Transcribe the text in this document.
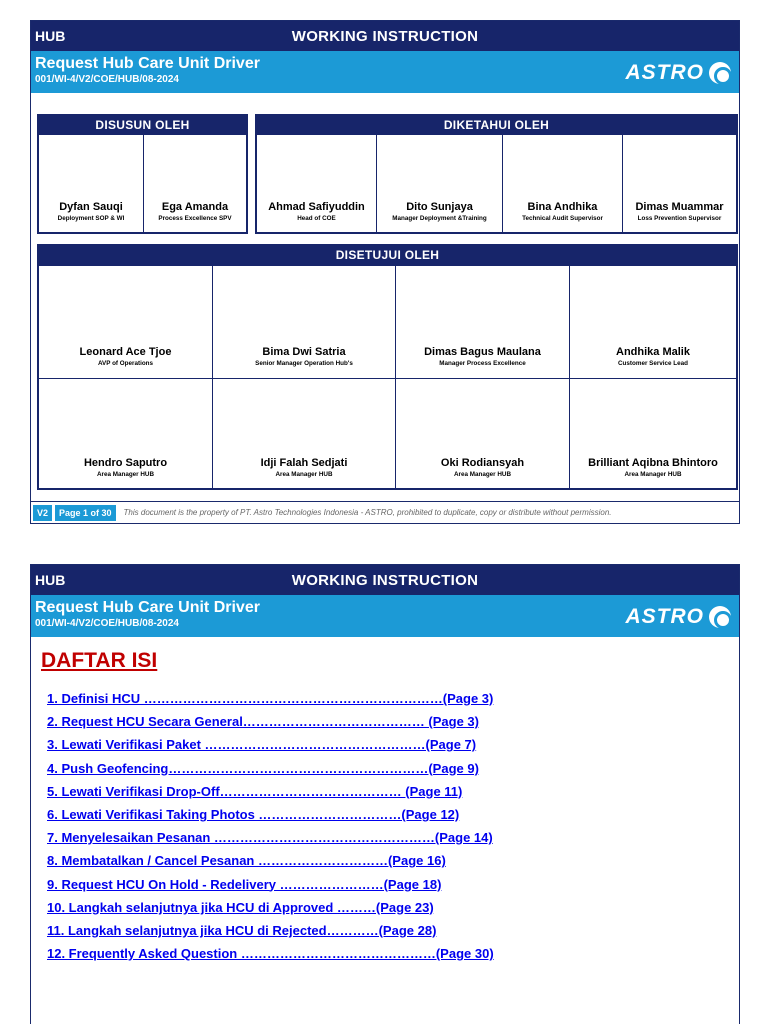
HUB	WORKING INSTRUCTION
Request Hub Care Unit Driver
001/WI-4/V2/COE/HUB/08-2024	ASTRO
DISUSUN OLEH
Dyfan Sauqi
Deployment SOP & WI
Ega Amanda
Process Excellence SPV
DIKETAHUI OLEH
Ahmad Safiyuddin
Head of COE
Dito Sunjaya
Manager Deployment &Training
Bina Andhika
Technical Audit Supervisor
Dimas Muammar
Loss Prevention Supervisor
DISETUJUI OLEH
Leonard Ace Tjoe
AVP of Operations
Bima Dwi Satria
Senior Manager Operation Hub's
Dimas Bagus Maulana
Manager Process Excellence
Andhika Malik
Customer Service Lead
Hendro Saputro
Area Manager HUB
Idji Falah Sedjati
Area Manager HUB
Oki Rodiansyah
Area Manager HUB
Brilliant Aqibna Bhintoro
Area Manager HUB
V2	Page 1 of 30	This document is the property of PT. Astro Technologies Indonesia - ASTRO, prohibited to duplicate, copy or distribute without permission.
HUB	WORKING INSTRUCTION
Request Hub Care Unit Driver
001/WI-4/V2/COE/HUB/08-2024	ASTRO
DAFTAR ISI
1. Definisi HCU ……………………………………………………………(Page 3)
2. Request HCU Secara General…………………………………… (Page 3)
3. Lewati Verifikasi Paket ……………………………………………(Page 7)
4. Push Geofencing……………………………………………………(Page 9)
5. Lewati Verifikasi Drop-Off…………………………………… (Page 11)
6. Lewati Verifikasi Taking Photos ……………………………(Page 12)
7. Menyelesaikan Pesanan ……………………………………………(Page 14)
8. Membatalkan / Cancel Pesanan …………………………(Page 16)
9. Request HCU On Hold - Redelivery ……………………(Page 18)
10. Langkah selanjutnya jika HCU di Approved ………(Page 23)
11. Langkah selanjutnya jika HCU di Rejected…………(Page 28)
12. Frequently Asked Question ………………………………………(Page 30)
